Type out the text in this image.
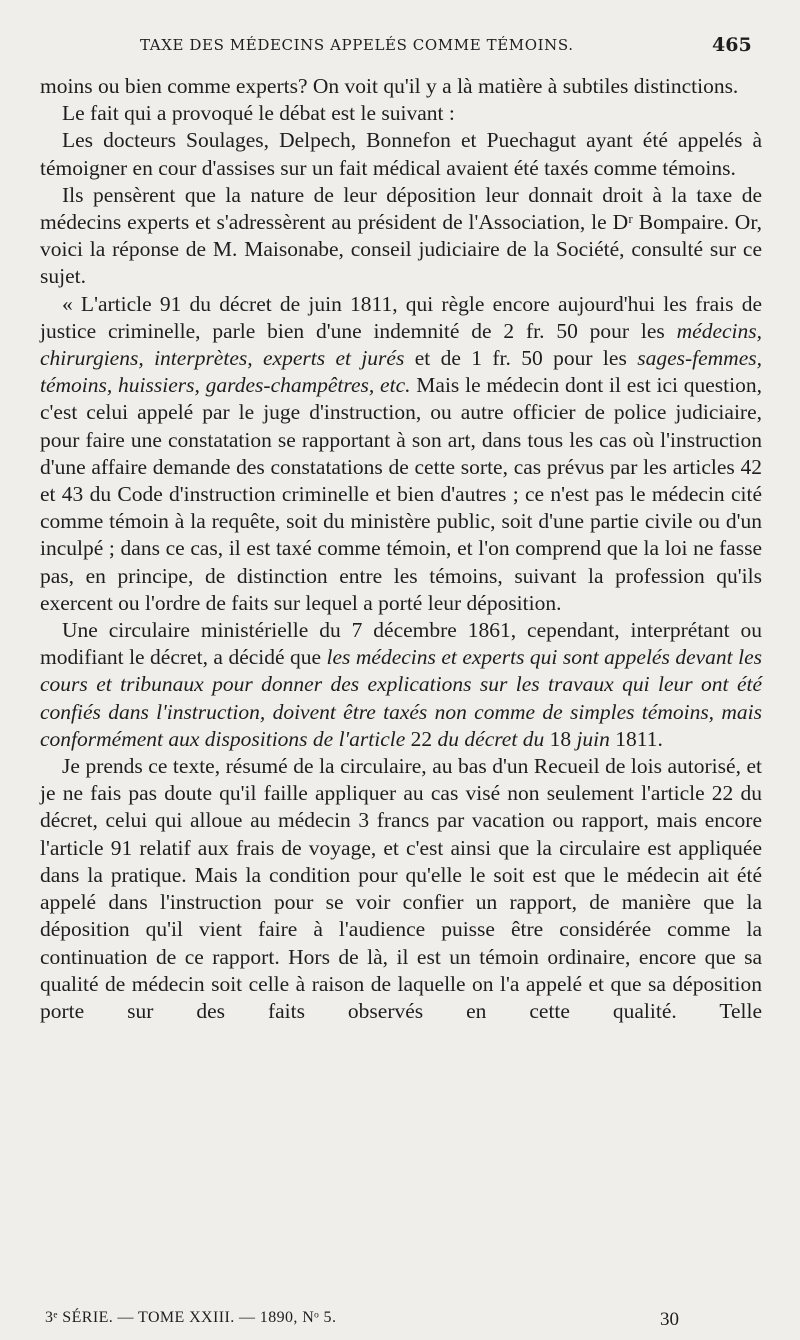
TAXE DES MÉDECINS APPELÉS COMME TÉMOINS.	465

moins ou bien comme experts? On voit qu'il y a là matière à subtiles distinctions.

Le fait qui a provoqué le débat est le suivant :

Les docteurs Soulages, Delpech, Bonnefon et Puechagut ayant été appelés à témoigner en cour d'assises sur un fait médical avaient été taxés comme témoins.

Ils pensèrent que la nature de leur déposition leur donnait droit à la taxe de médecins experts et s'adressèrent au président de l'Association, le Dʳ Bompaire. Or, voici la réponse de M. Maisonabe, conseil judiciaire de la Société, consulté sur ce sujet.

« L'article 91 du décret de juin 1811, qui règle encore aujourd'hui les frais de justice criminelle, parle bien d'une indemnité de 2 fr. 50 pour les médecins, chirurgiens, interprètes, experts et jurés et de 1 fr. 50 pour les sages-femmes, témoins, huissiers, gardes-champêtres, etc. Mais le médecin dont il est ici question, c'est celui appelé par le juge d'instruction, ou autre officier de police judiciaire, pour faire une constatation se rapportant à son art, dans tous les cas où l'instruction d'une affaire demande des constatations de cette sorte, cas prévus par les articles 42 et 43 du Code d'instruction criminelle et bien d'autres ; ce n'est pas le médecin cité comme témoin à la requête, soit du ministère public, soit d'une partie civile ou d'un inculpé ; dans ce cas, il est taxé comme témoin, et l'on comprend que la loi ne fasse pas, en principe, de distinction entre les témoins, suivant la profession qu'ils exercent ou l'ordre de faits sur lequel a porté leur déposition.

Une circulaire ministérielle du 7 décembre 1861, cependant, interprétant ou modifiant le décret, a décidé que les médecins et experts qui sont appelés devant les cours et tribunaux pour donner des explications sur les travaux qui leur ont été confiés dans l'instruction, doivent être taxés non comme de simples témoins, mais conformément aux dispositions de l'article 22 du décret du 18 juin 1811.

Je prends ce texte, résumé de la circulaire, au bas d'un Recueil de lois autorisé, et je ne fais pas doute qu'il faille appliquer au cas visé non seulement l'article 22 du décret, celui qui alloue au médecin 3 francs par vacation ou rapport, mais encore l'article 91 relatif aux frais de voyage, et c'est ainsi que la circulaire est appliquée dans la pratique. Mais la condition pour qu'elle le soit est que le médecin ait été appelé dans l'instruction pour se voir confier un rapport, de manière que la déposition qu'il vient faire à l'audience puisse être considérée comme la continuation de ce rapport. Hors de là, il est un témoin ordinaire, encore que sa qualité de médecin soit celle à raison de laquelle on l'a appelé et que sa déposition porte sur des faits observés en cette qualité. Telle

3ᵉ SÉRIE. — TOME XXIII. — 1890, Nᵒ 5.	30
